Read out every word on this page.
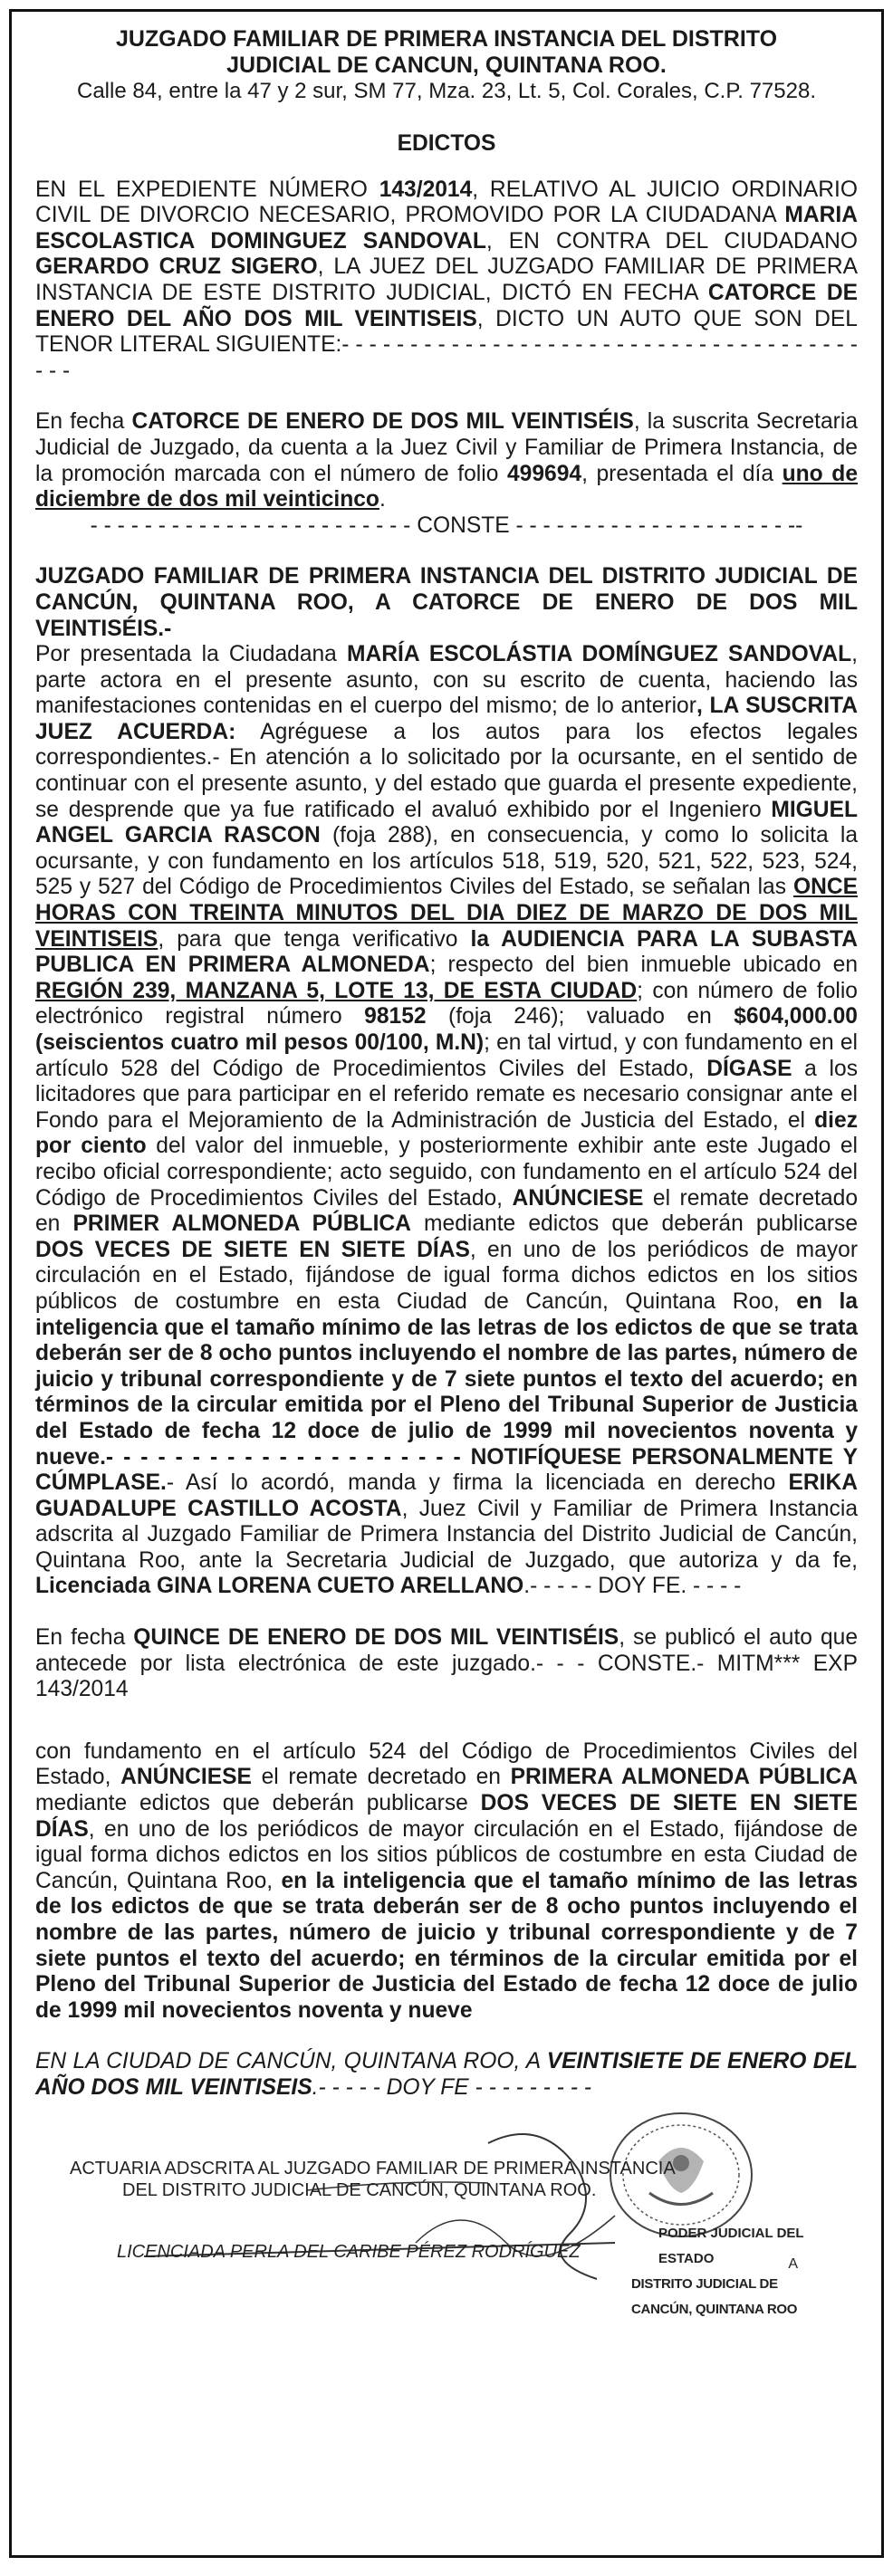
JUZGADO FAMILIAR DE PRIMERA INSTANCIA DEL DISTRITO
JUDICIAL DE CANCUN, QUINTANA ROO.
Calle 84, entre la 47 y 2 sur, SM 77, Mza. 23, Lt. 5, Col. Corales, C.P. 77528.
EDICTOS

EN EL EXPEDIENTE NÚMERO 143/2014, RELATIVO AL JUICIO ORDINARIO CIVIL DE DIVORCIO NECESARIO, PROMOVIDO POR LA CIUDADANA MARIA ESCOLASTICA DOMINGUEZ SANDOVAL, EN CONTRA DEL CIUDADANO GERARDO CRUZ SIGERO, LA JUEZ DEL JUZGADO FAMILIAR DE PRIMERA INSTANCIA DE ESTE DISTRITO JUDICIAL, DICTÓ EN FECHA CATORCE DE ENERO DEL AÑO DOS MIL VEINTISEIS, DICTO UN AUTO QUE SON DEL TENOR LITERAL SIGUIENTE:- - - - - - - - - - - - - - - - - - - - - - - - - - - - - - - - - - - - - - - - -

En fecha CATORCE DE ENERO DE DOS MIL VEINTISÉIS, la suscrita Secretaria Judicial de Juzgado, da cuenta a la Juez Civil y Familiar de Primera Instancia, de la promoción marcada con el número de folio 499694, presentada el día uno de diciembre de dos mil veinticinco.

- - - - - - - - - - - - - - - - - - - - - - - - CONSTE - - - - - - - - - - - - - - - - - - - - --

JUZGADO FAMILIAR DE PRIMERA INSTANCIA DEL DISTRITO JUDICIAL DE CANCÚN, QUINTANA ROO, A CATORCE DE ENERO DE DOS MIL VEINTISÉIS.-

Por presentada la Ciudadana MARÍA ESCOLÁSTIA DOMÍNGUEZ SANDOVAL, parte actora en el presente asunto, con su escrito de cuenta, haciendo las manifestaciones contenidas en el cuerpo del mismo; de lo anterior, LA SUSCRITA JUEZ ACUERDA: Agréguese a los autos para los efectos legales correspondientes.- En atención a lo solicitado por la ocursante, en el sentido de continuar con el presente asunto, y del estado que guarda el presente expediente, se desprende que ya fue ratificado el avaluó exhibido por el Ingeniero MIGUEL ANGEL GARCIA RASCON (foja 288), en consecuencia, y como lo solicita la ocursante, y con fundamento en los artículos 518, 519, 520, 521, 522, 523, 524, 525 y 527 del Código de Procedimientos Civiles del Estado, se señalan las ONCE HORAS CON TREINTA MINUTOS DEL DIA DIEZ DE MARZO DE DOS MIL VEINTISEIS, para que tenga verificativo la AUDIENCIA PARA LA SUBASTA PUBLICA EN PRIMERA ALMONEDA; respecto del bien inmueble ubicado en REGIÓN 239, MANZANA 5, LOTE 13, DE ESTA CIUDAD; con número de folio electrónico registral número 98152 (foja 246); valuado en $604,000.00 (seiscientos cuatro mil pesos 00/100, M.N); en tal virtud, y con fundamento en el artículo 528 del Código de Procedimientos Civiles del Estado, DÍGASE a los licitadores que para participar en el referido remate es necesario consignar ante el Fondo para el Mejoramiento de la Administración de Justicia del Estado, el diez por ciento del valor del inmueble, y posteriormente exhibir ante este Jugado el recibo oficial correspondiente; acto seguido, con fundamento en el artículo 524 del Código de Procedimientos Civiles del Estado, ANÚNCIESE el remate decretado en PRIMER ALMONEDA PÚBLICA mediante edictos que deberán publicarse DOS VECES DE SIETE EN SIETE DÍAS, en uno de los periódicos de mayor circulación en el Estado, fijándose de igual forma dichos edictos en los sitios públicos de costumbre en esta Ciudad de Cancún, Quintana Roo, en la inteligencia que el tamaño mínimo de las letras de los edictos de que se trata deberán ser de 8 ocho puntos incluyendo el nombre de las partes, número de juicio y tribunal correspondiente y de 7 siete puntos el texto del acuerdo; en términos de la circular emitida por el Pleno del Tribunal Superior de Justicia del Estado de fecha 12 doce de julio de 1999 mil novecientos noventa y nueve.- - - - - - - - - - - - - - - - - - - - - NOTIFÍQUESE PERSONALMENTE Y CÚMPLASE.- Así lo acordó, manda y firma la licenciada en derecho ERIKA GUADALUPE CASTILLO ACOSTA, Juez Civil y Familiar de Primera Instancia adscrita al Juzgado Familiar de Primera Instancia del Distrito Judicial de Cancún, Quintana Roo, ante la Secretaria Judicial de Juzgado, que autoriza y da fe, Licenciada GINA LORENA CUETO ARELLANO.- - - - - DOY FE. - - - -

En fecha QUINCE DE ENERO DE DOS MIL VEINTISÉIS, se publicó el auto que antecede por lista electrónica de este juzgado.- - - CONSTE.- MITM*** EXP 143/2014

con fundamento en el artículo 524 del Código de Procedimientos Civiles del Estado, ANÚNCIESE el remate decretado en PRIMERA ALMONEDA PÚBLICA mediante edictos que deberán publicarse DOS VECES DE SIETE EN SIETE DÍAS, en uno de los periódicos de mayor circulación en el Estado, fijándose de igual forma dichos edictos en los sitios públicos de costumbre en esta Ciudad de Cancún, Quintana Roo, en la inteligencia que el tamaño mínimo de las letras de los edictos de que se trata deberán ser de 8 ocho puntos incluyendo el nombre de las partes, número de juicio y tribunal correspondiente y de 7 siete puntos el texto del acuerdo; en términos de la circular emitida por el Pleno del Tribunal Superior de Justicia del Estado de fecha 12 doce de julio de 1999 mil novecientos noventa y nueve

EN LA CIUDAD DE CANCÚN, QUINTANA ROO, A VEINTISIETE DE ENERO DEL AÑO DOS MIL VEINTISEIS.- - - - - DOY FE - - - - - - - - -

ACTUARIA ADSCRITA AL JUZGADO FAMILIAR DE PRIMERA INSTANCIA
DEL DISTRITO JUDICIAL DE CANCÚN, QUINTANA ROO.
LICENCIADA PERLA DEL CARIBE PÉREZ RODRÍGUEZ
PODER JUDICIAL DEL ESTADO	A
DISTRITO JUDICIAL DE CANCÚN, QUINTANA ROO
